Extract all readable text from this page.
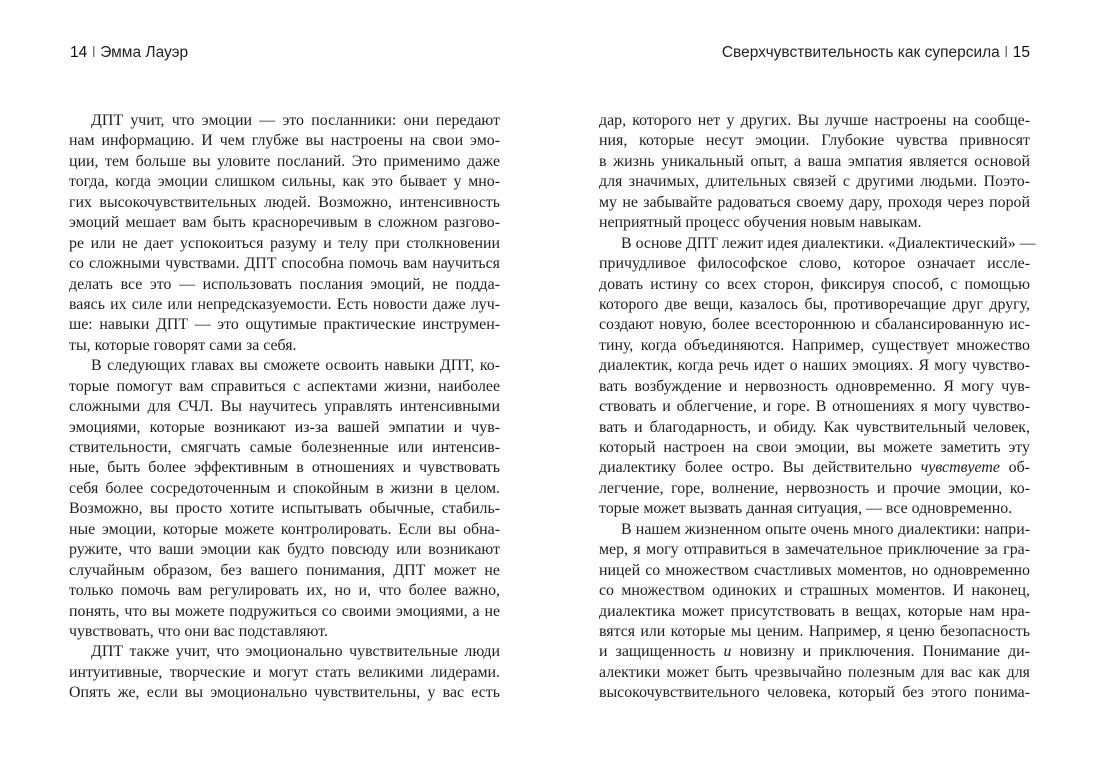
14 I Эмма Лауэр	Сверхчувствительность как суперсила I 15
ДПТ учит, что эмоции — это посланники: они передают
нам информацию. И чем глубже вы настроены на свои эмо-
ции, тем больше вы уловите посланий. Это применимо даже
тогда, когда эмоции слишком сильны, как это бывает у мно-
гих высокочувствительных людей. Возможно, интенсивность
эмоций мешает вам быть красноречивым в сложном разгово-
ре или не дает успокоиться разуму и телу при столкновении
со сложными чувствами. ДПТ способна помочь вам научиться
делать все это — использовать послания эмоций, не подда-
ваясь их силе или непредсказуемости. Есть новости даже луч-
ше: навыки ДПТ — это ощутимые практические инструмен-
ты, которые говорят сами за себя.
В следующих главах вы сможете освоить навыки ДПТ, ко-
торые помогут вам справиться с аспектами жизни, наиболее
сложными для СЧЛ. Вы научитесь управлять интенсивными
эмоциями, которые возникают из-за вашей эмпатии и чув-
ствительности, смягчать самые болезненные или интенсив-
ные, быть более эффективным в отношениях и чувствовать
себя более сосредоточенным и спокойным в жизни в целом.
Возможно, вы просто хотите испытывать обычные, стабиль-
ные эмоции, которые можете контролировать. Если вы обна-
ружите, что ваши эмоции как будто повсюду или возникают
случайным образом, без вашего понимания, ДПТ может не
только помочь вам регулировать их, но и, что более важно,
понять, что вы можете подружиться со своими эмоциями, а не
чувствовать, что они вас подставляют.
ДПТ также учит, что эмоционально чувствительные люди
интуитивные, творческие и могут стать великими лидерами.
Опять же, если вы эмоционально чувствительны, у вас есть
дар, которого нет у других. Вы лучше настроены на сообще-
ния, которые несут эмоции. Глубокие чувства привносят
в жизнь уникальный опыт, а ваша эмпатия является основой
для значимых, длительных связей с другими людьми. Поэто-
му не забывайте радоваться своему дару, проходя через порой
неприятный процесс обучения новым навыкам.
В основе ДПТ лежит идея диалектики. «Диалектический» —
причудливое философское слово, которое означает иссле-
довать истину со всех сторон, фиксируя способ, с помощью
которого две вещи, казалось бы, противоречащие друг другу,
создают новую, более всестороннюю и сбалансированную ис-
тину, когда объединяются. Например, существует множество
диалектик, когда речь идет о наших эмоциях. Я могу чувство-
вать возбуждение и нервозность одновременно. Я могу чув-
ствовать и облегчение, и горе. В отношениях я могу чувство-
вать и благодарность, и обиду. Как чувствительный человек,
который настроен на свои эмоции, вы можете заметить эту
диалектику более остро. Вы действительно чувствуете об-
легчение, горе, волнение, нервозность и прочие эмоции, ко-
торые может вызвать данная ситуация, — все одновременно.
В нашем жизненном опыте очень много диалектики: напри-
мер, я могу отправиться в замечательное приключение за гра-
ницей со множеством счастливых моментов, но одновременно
со множеством одиноких и страшных моментов. И наконец,
диалектика может присутствовать в вещах, которые нам нра-
вятся или которые мы ценим. Например, я ценю безопасность
и защищенность и новизну и приключения. Понимание ди-
алектики может быть чрезвычайно полезным для вас как для
высокочувствительного человека, который без этого понима-
